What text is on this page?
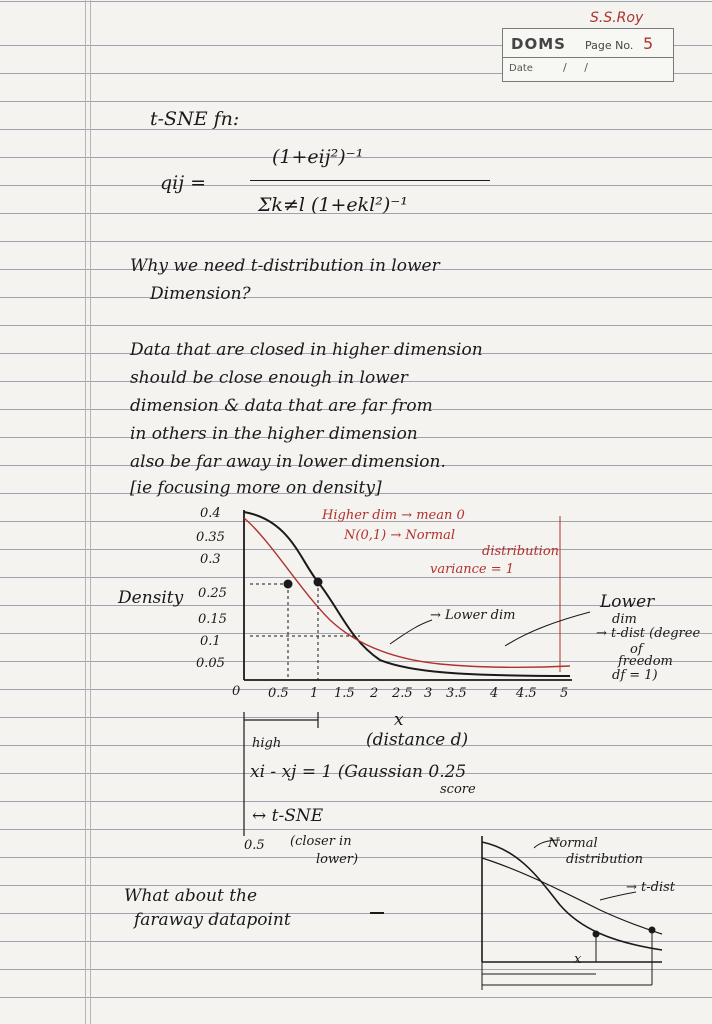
DOMS Page No. 5
Date	/     /
S.S.Roy
t-SNE fn:
qij =
(1+eij²)⁻¹
Σk≠l (1+ekl²)⁻¹
Why we need t-distribution in lower
Dimension?
Data that are closed in higher dimension
should be close enough in lower
dimension & data that are far from
in others in the higher dimension
also be far away in lower dimension.
[ie focusing more on density]
0.4
0.35
0.3
0.25
0.15
0.1
0.05
Density
0 0.5 1 1.5 2 2.5 3 3.5 4 4.5 5
x
(distance d)
Higher dim → mean 0
N(0,1) → Normal
distribution
variance = 1
→ Lower dim
Lower
dim
→ t-dist (degree
of
freedom
df = 1)
high
xi - xj = 1 (Gaussian 0.25
score
↔ t-SNE
0.5 (closer in
lower)
What about the
faraway datapoint
Normal
distribution
→ t-dist
x
